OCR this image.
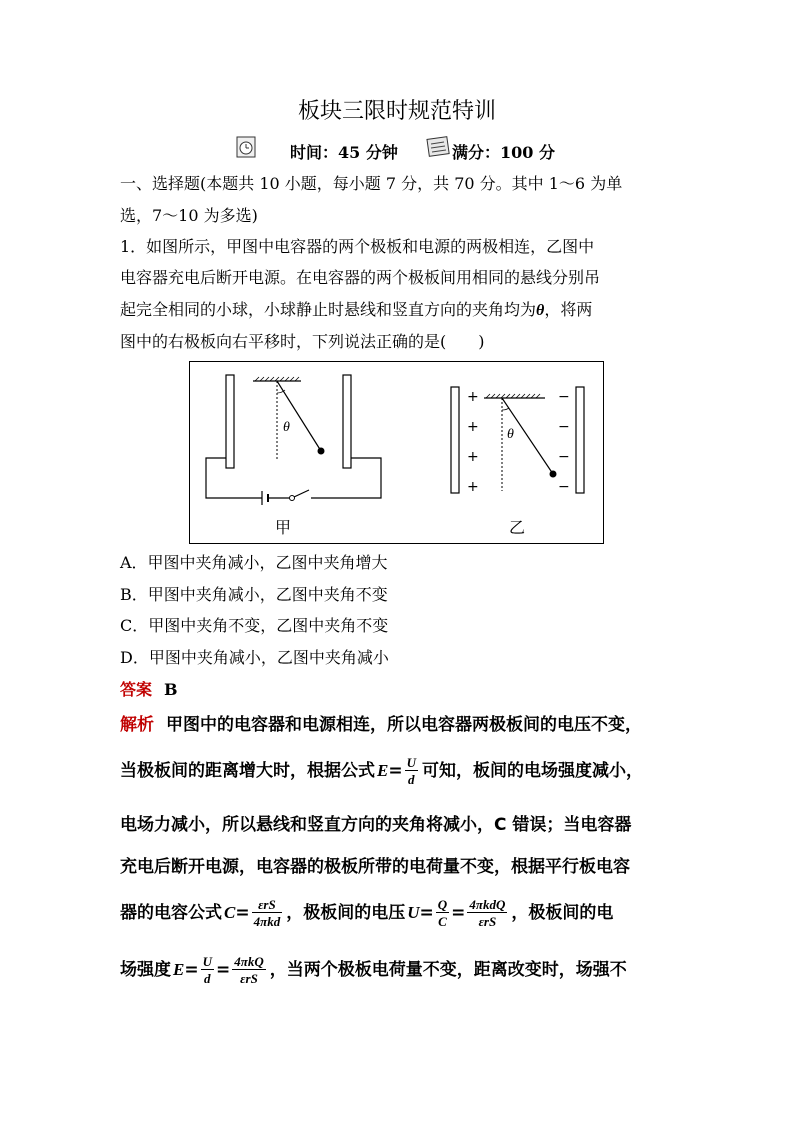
板块三限时规范特训
时间：45 分钟	满分：100 分
一、选择题(本题共 10 小题，每小题 7 分，共 70 分。其中 1～6 为单
选，7～10 为多选)
1．如图所示，甲图中电容器的两个极板和电源的两极相连，乙图中
电容器充电后断开电源。在电容器的两个极板间用相同的悬线分别吊
起完全相同的小球，小球静止时悬线和竖直方向的夹角均为θ，将两
图中的右极板向右平移时，下列说法正确的是(　　)
θ	θ
+
+
+
+
−
−
−
−
甲	乙
A．甲图中夹角减小，乙图中夹角增大
B．甲图中夹角减小，乙图中夹角不变
C．甲图中夹角不变，乙图中夹角不变
D．甲图中夹角减小，乙图中夹角减小
答案 B
解析 甲图中的电容器和电源相连，所以电容器两极板间的电压不变，
当极板间的距离增大时，根据公式 $E= \frac{U}{d}$ 可知，板间的电场强度减小，
电场力减小，所以悬线和竖直方向的夹角将减小，C 错误；当电容器
充电后断开电源，电容器的极板所带的电荷量不变，根据平行板电容
器的电容公式 $C= \frac{\text{εrS}}{\text{4πkd}}$ ，极板间的电压 $U= \frac{Q}{C} = \frac{\text{4πkdQ}}{\text{εrS}}$ ，极板间的电
场强度 $E= \frac{U}{d} = \frac{\text{4πkQ}}{\text{εrS}}$ ，当两个极板电荷量不变，距离改变时，场强不
